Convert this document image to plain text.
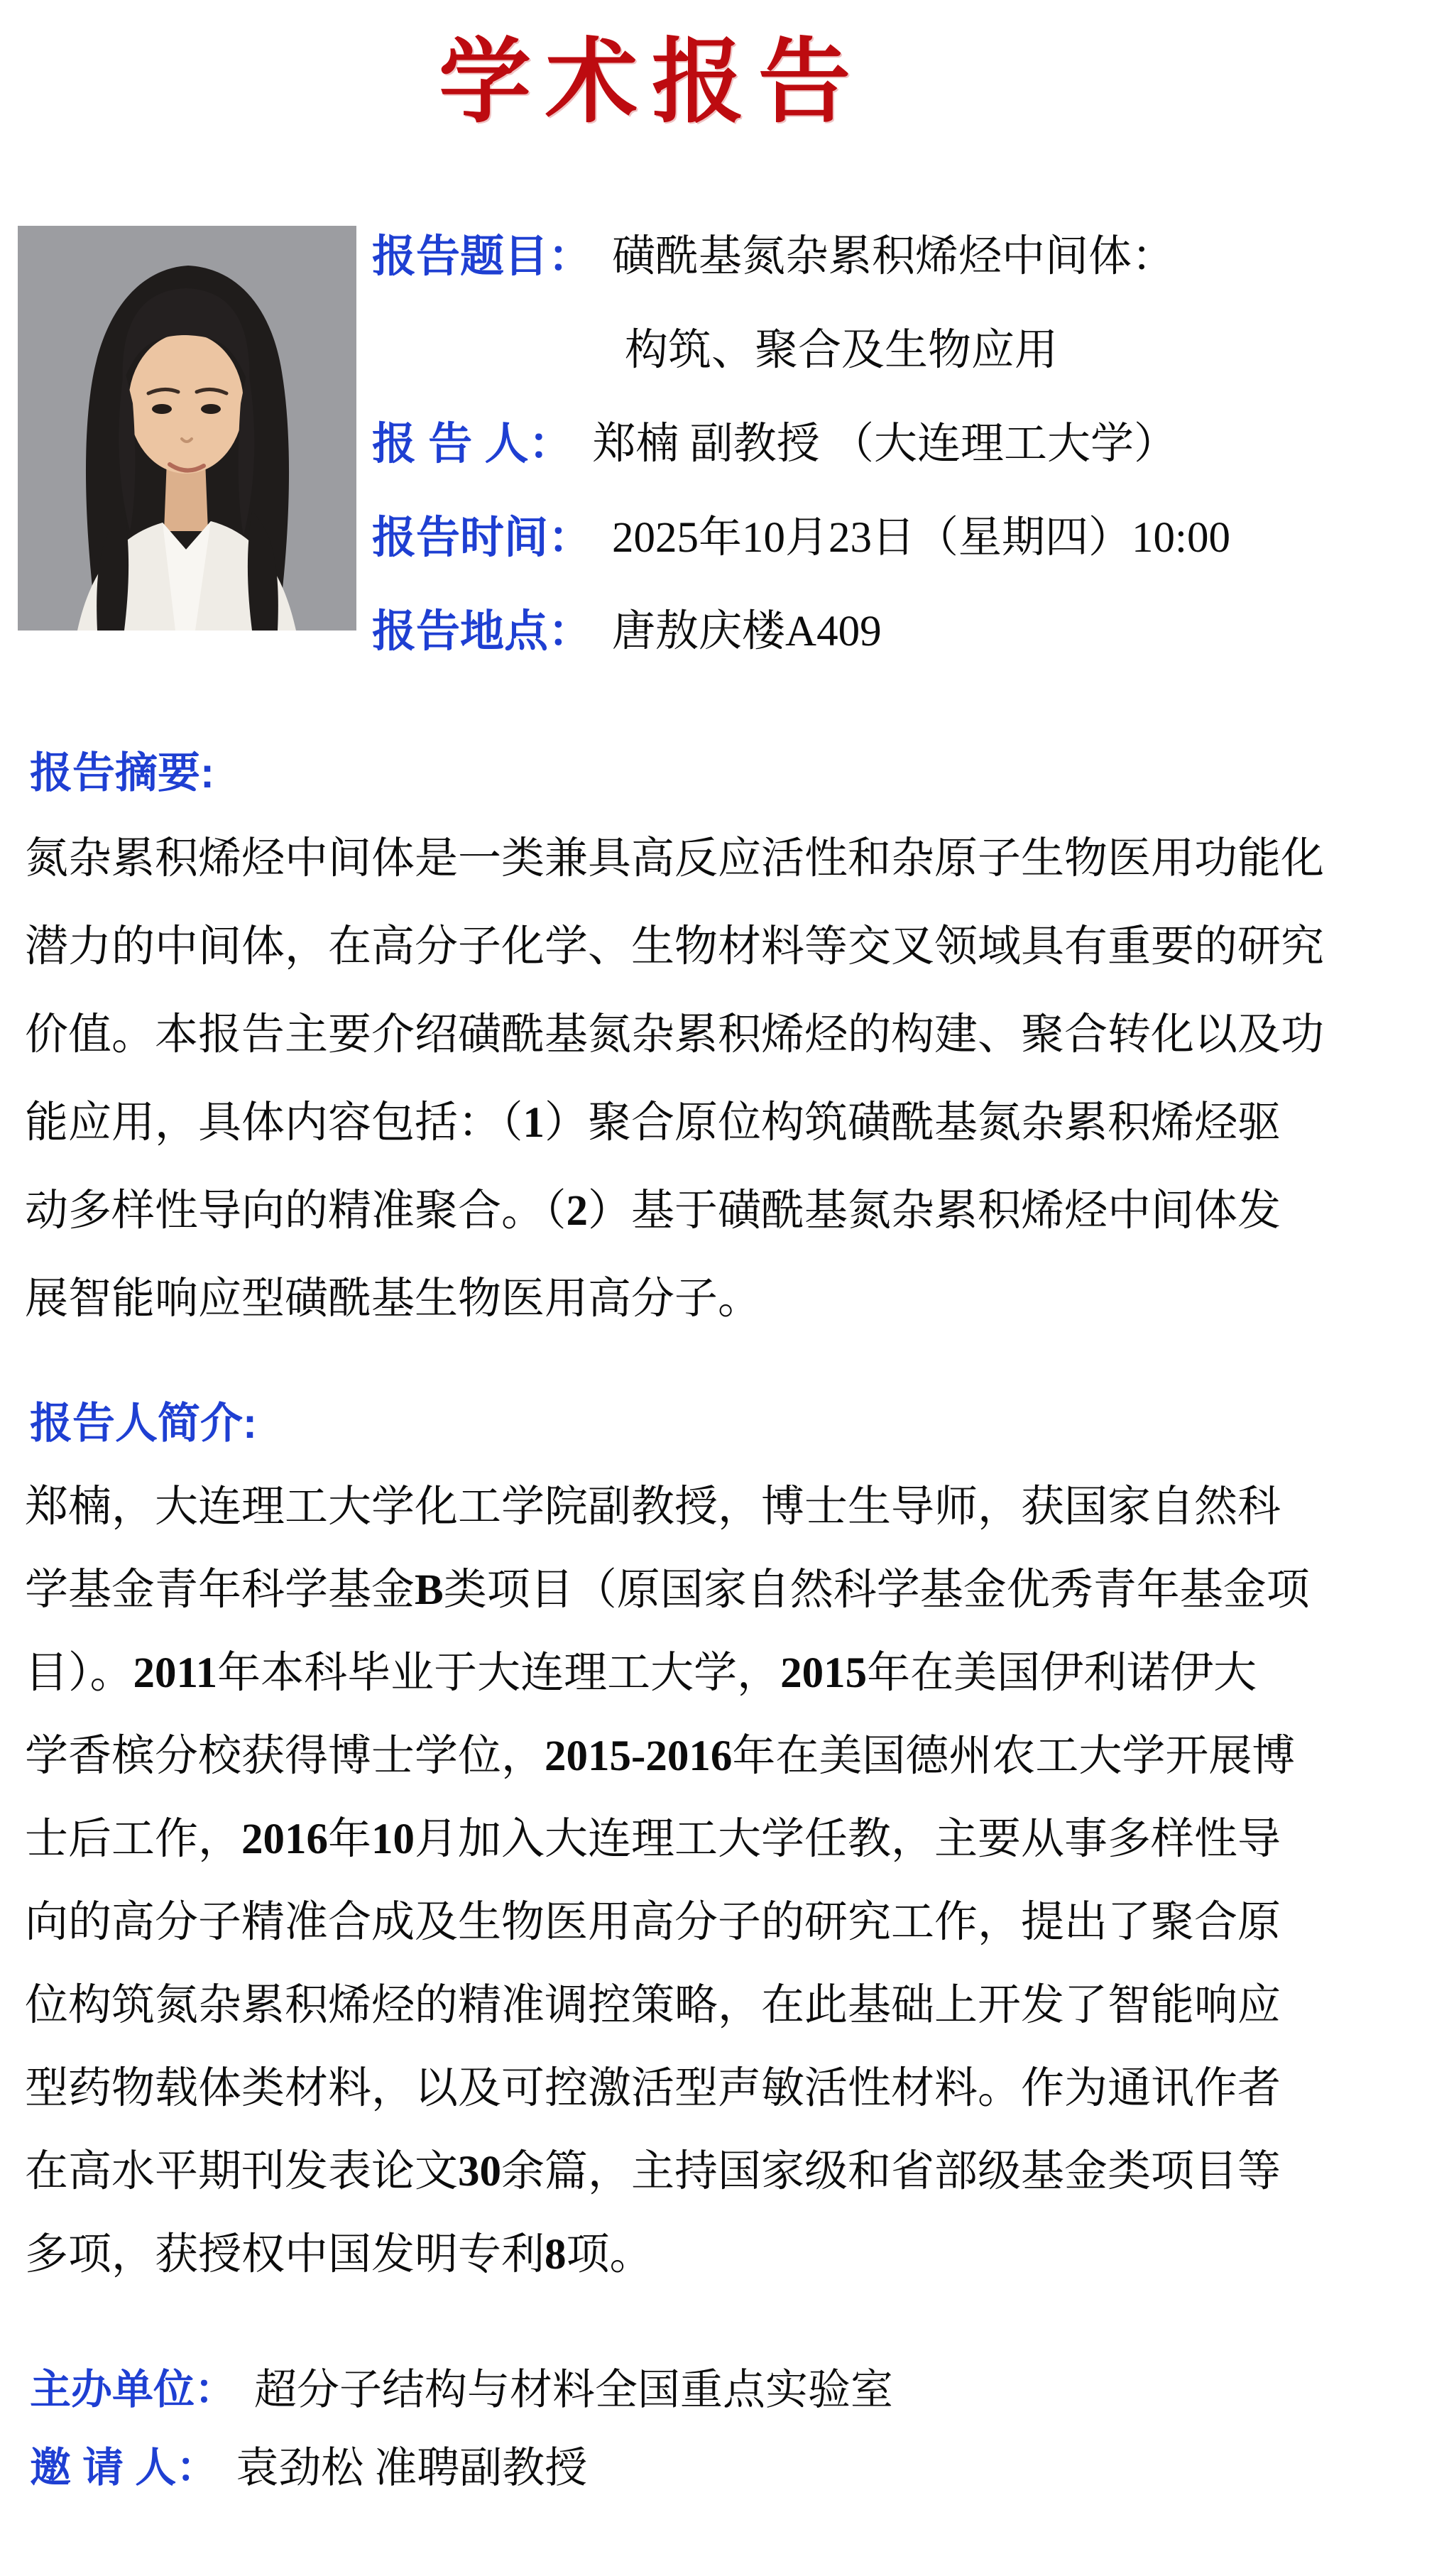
学术报告
报告题目： 磺酰基氮杂累积烯烃中间体：
构筑、聚合及生物应用
报 告 人： 郑楠 副教授 （大连理工大学）
报告时间： 2025年10月23日（星期四）10:00
报告地点： 唐敖庆楼A409
报告摘要:
氮杂累积烯烃中间体是一类兼具高反应活性和杂原子生物医用功能化
潜力的中间体，在高分子化学、生物材料等交叉领域具有重要的研究
价值。本报告主要介绍磺酰基氮杂累积烯烃的构建、聚合转化以及功
能应用，具体内容包括：（1）聚合原位构筑磺酰基氮杂累积烯烃驱
动多样性导向的精准聚合。（2）基于磺酰基氮杂累积烯烃中间体发
展智能响应型磺酰基生物医用高分子。
报告人简介:
郑楠，大连理工大学化工学院副教授，博士生导师，获国家自然科
学基金青年科学基金B类项目（原国家自然科学基金优秀青年基金项
目）。2011年本科毕业于大连理工大学，2015年在美国伊利诺伊大
学香槟分校获得博士学位，2015-2016年在美国德州农工大学开展博
士后工作，2016年10月加入大连理工大学任教，主要从事多样性导
向的高分子精准合成及生物医用高分子的研究工作，提出了聚合原
位构筑氮杂累积烯烃的精准调控策略，在此基础上开发了智能响应
型药物载体类材料，以及可控激活型声敏活性材料。作为通讯作者
在高水平期刊发表论文30余篇，主持国家级和省部级基金类项目等
多项，获授权中国发明专利8项。
主办单位： 超分子结构与材料全国重点实验室
邀 请 人： 袁劲松 准聘副教授
